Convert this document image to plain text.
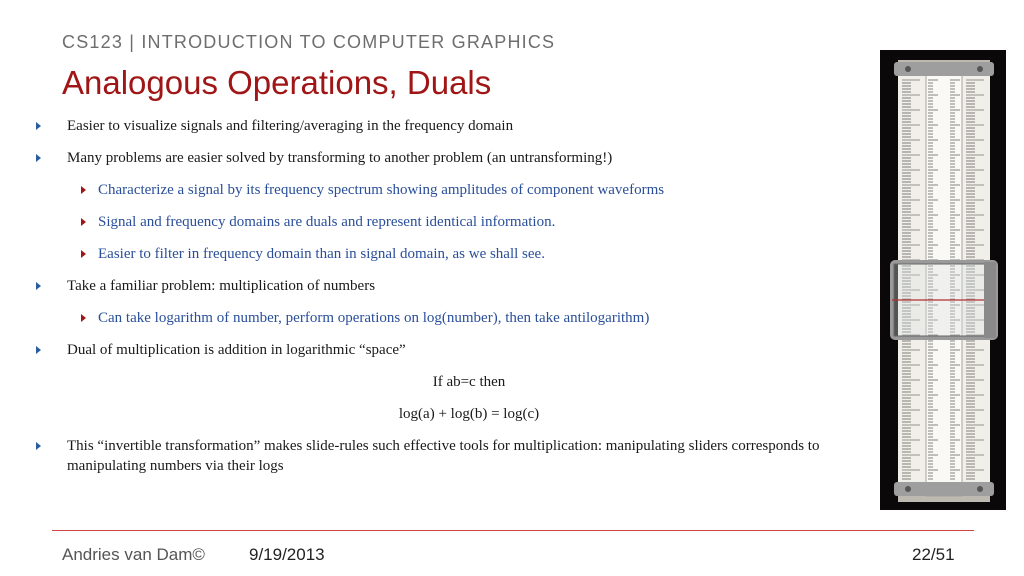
CS123 | INTRODUCTION TO COMPUTER GRAPHICS
Analogous Operations, Duals
Easier to visualize signals and filtering/averaging in the frequency domain
Many problems are easier solved by transforming to another problem (an untransforming!)
Characterize a signal by its frequency spectrum showing amplitudes of component waveforms
Signal and frequency domains are duals and represent identical information.
Easier to filter in frequency domain than in signal domain, as we shall see.
Take a familiar problem: multiplication of numbers
Can take logarithm of number, perform operations on log(number), then take antilogarithm)
Dual of multiplication is addition in logarithmic “space”
If ab=c then
log(a) + log(b) = log(c)
This “invertible transformation” makes slide-rules such effective tools for multiplication: manipulating sliders corresponds to manipulating numbers via their logs
Andries van Dam©	9/19/2013	22/51
